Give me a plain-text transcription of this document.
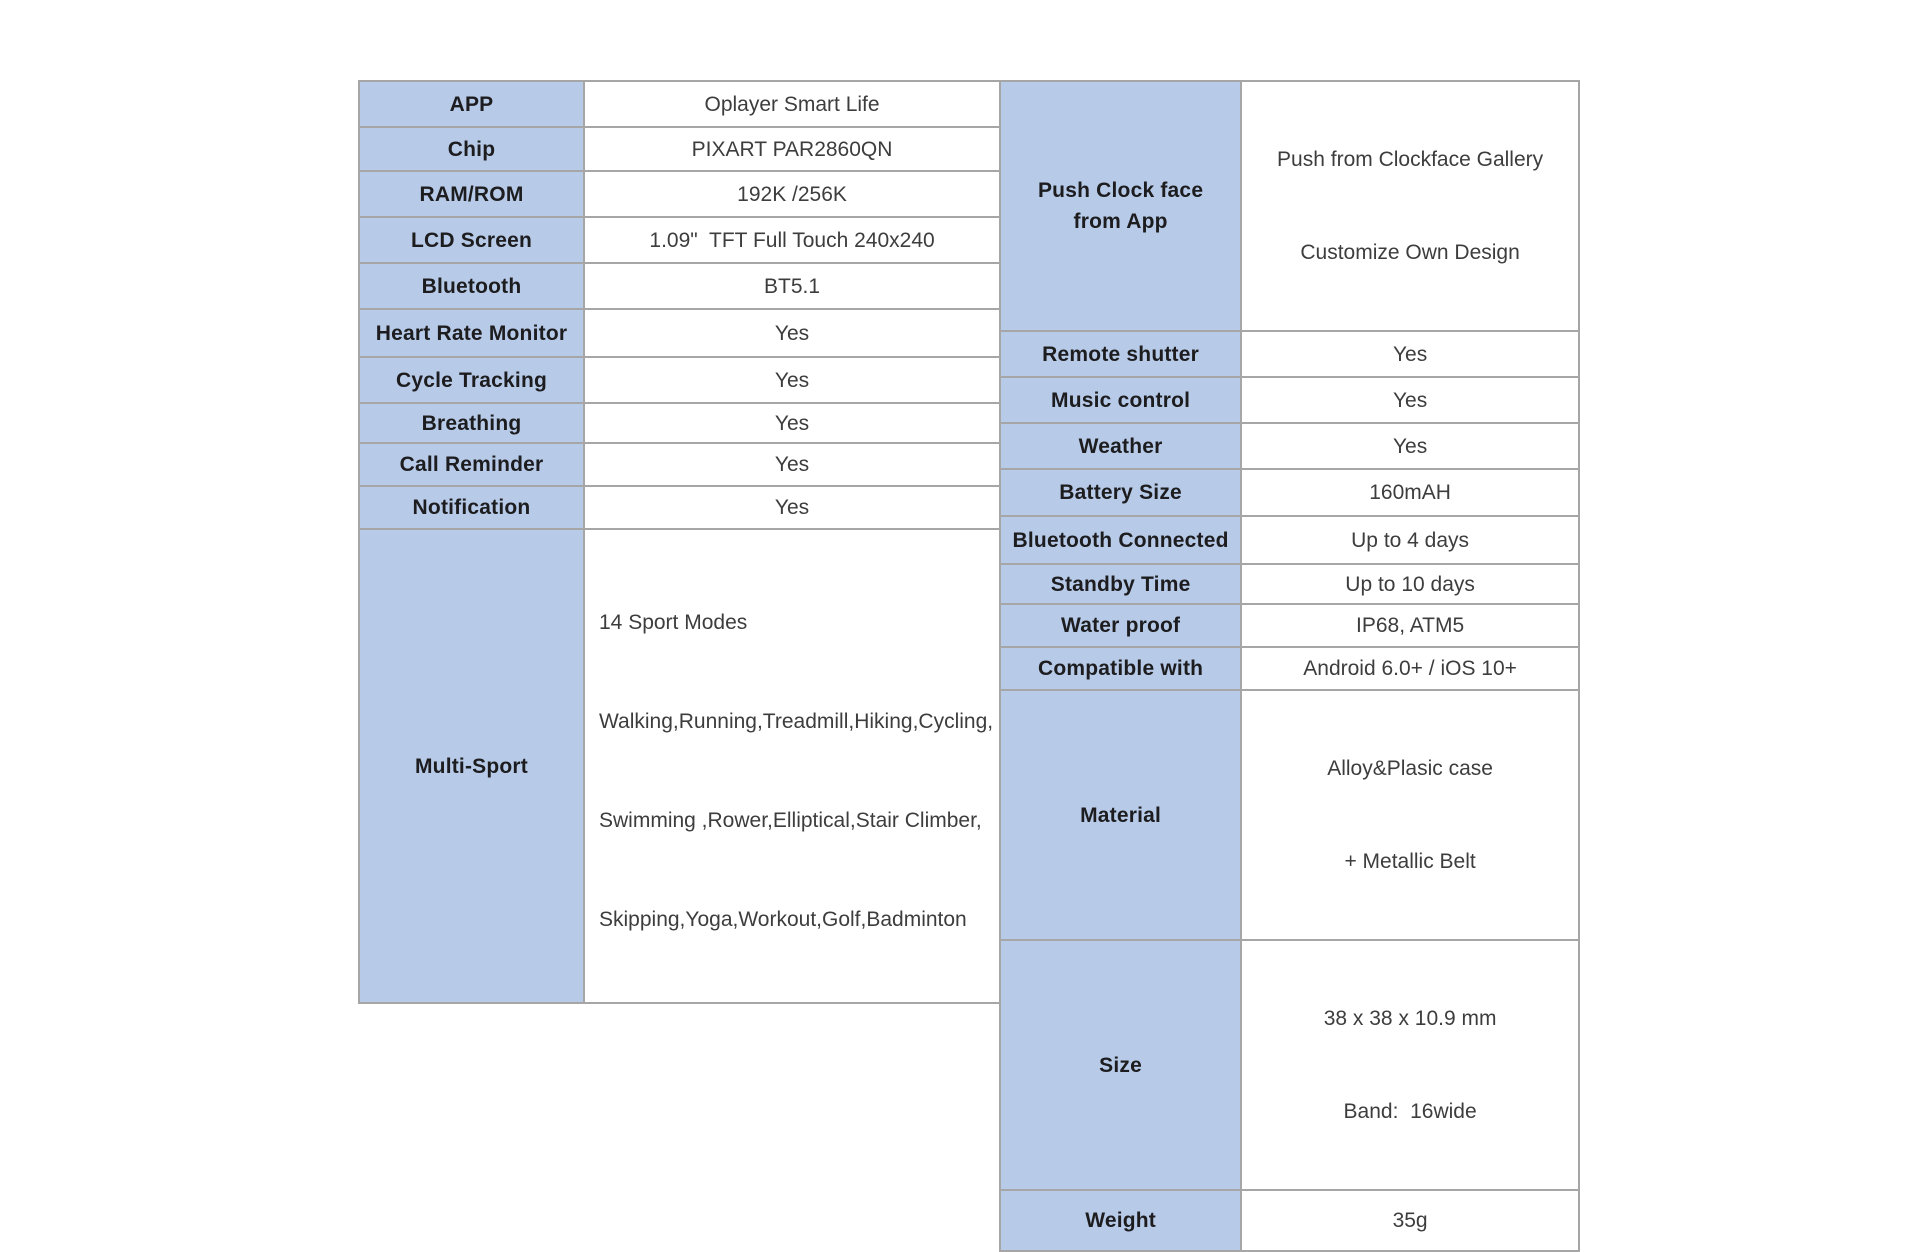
APP	Oplayer Smart Life
Chip	PIXART PAR2860QN
RAM/ROM	192K /256K
LCD Screen	1.09"  TFT Full Touch 240x240
Bluetooth	BT5.1
Heart Rate Monitor	Yes
Cycle Tracking	Yes
Breathing	Yes
Call Reminder	Yes
Notification	Yes
Multi-Sport	14 Sport Modes

Walking,Running,Treadmill,Hiking,Cycling,

Swimming ,Rower,Elliptical,Stair Climber,

Skipping,Yoga,Workout,Golf,Badminton

Push Clock face
from App	Push from Clockface Gallery

Customize Own Design

Remote shutter	Yes
Music control	Yes
Weather	Yes
Battery Size	160mAH
Bluetooth Connected	Up to 4 days
Standby Time	Up to 10 days
Water proof	IP68, ATM5
Compatible with	Android 6.0+ / iOS 10+
Material	Alloy&Plasic case

+ Metallic Belt

Size	38 x 38 x 10.9 mm

Band:  16wide

Weight	35g
